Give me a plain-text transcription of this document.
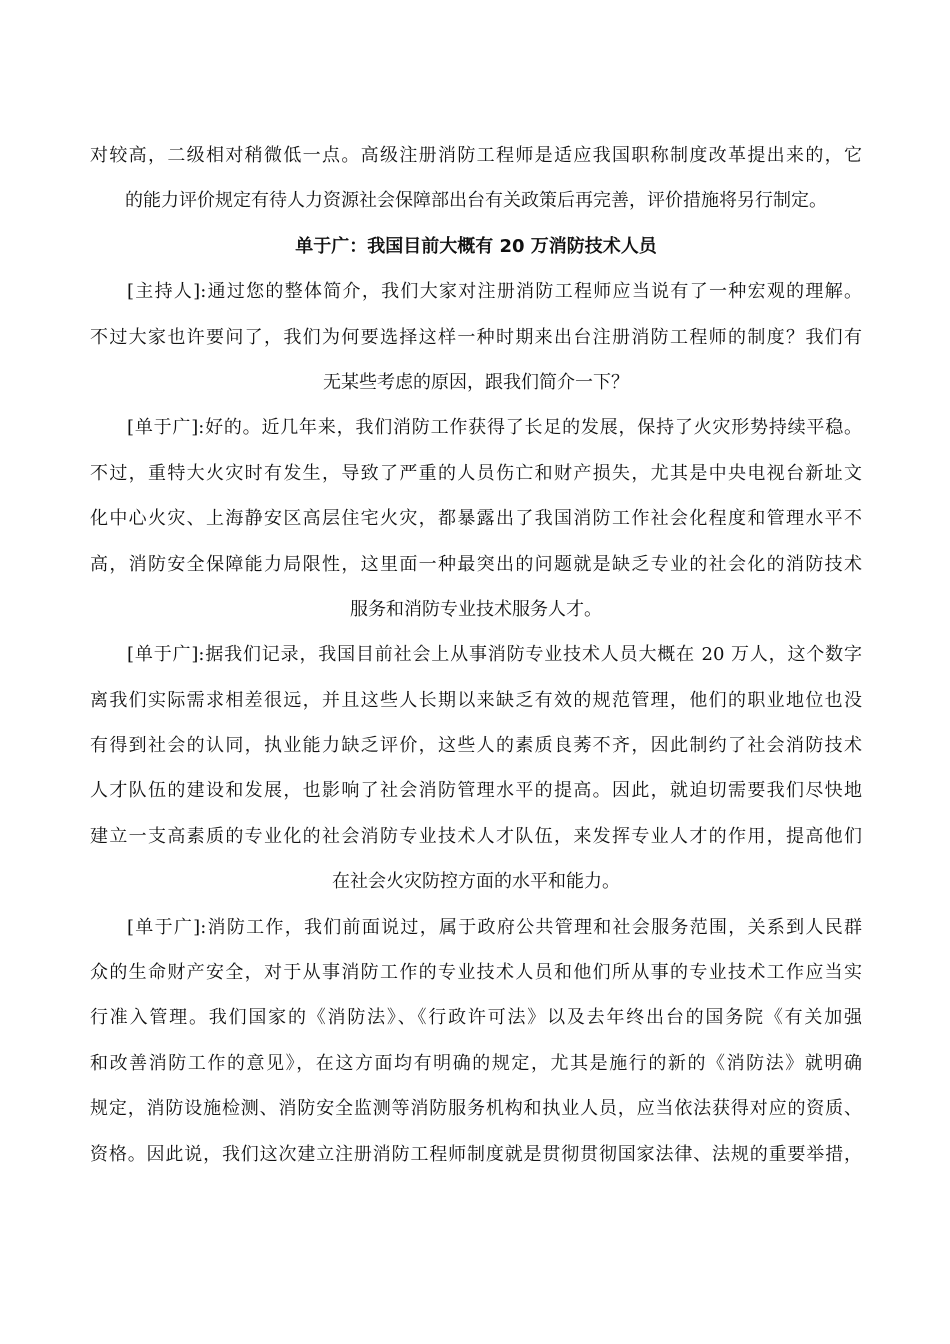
对较高，二级相对稍微低一点。高级注册消防工程师是适应我国职称制度改革提出来的，它
的能力评价规定有待人力资源社会保障部出台有关政策后再完善，评价措施将另行制定。
单于广：我国目前大概有 20 万消防技术人员
[主持人]:通过您的整体简介，我们大家对注册消防工程师应当说有了一种宏观的理解。
不过大家也许要问了，我们为何要选择这样一种时期来出台注册消防工程师的制度？我们有
无某些考虑的原因，跟我们简介一下？
[单于广]:好的。近几年来，我们消防工作获得了长足的发展，保持了火灾形势持续平稳。
不过，重特大火灾时有发生，导致了严重的人员伤亡和财产损失，尤其是中央电视台新址文
化中心火灾、上海静安区高层住宅火灾，都暴露出了我国消防工作社会化程度和管理水平不
高，消防安全保障能力局限性，这里面一种最突出的问题就是缺乏专业的社会化的消防技术
服务和消防专业技术服务人才。
[单于广]:据我们记录，我国目前社会上从事消防专业技术人员大概在 20 万人，这个数字
离我们实际需求相差很远，并且这些人长期以来缺乏有效的规范管理，他们的职业地位也没
有得到社会的认同，执业能力缺乏评价，这些人的素质良莠不齐，因此制约了社会消防技术
人才队伍的建设和发展，也影响了社会消防管理水平的提高。因此，就迫切需要我们尽快地
建立一支高素质的专业化的社会消防专业技术人才队伍，来发挥专业人才的作用，提高他们
在社会火灾防控方面的水平和能力。
[单于广]:消防工作，我们前面说过，属于政府公共管理和社会服务范围，关系到人民群
众的生命财产安全，对于从事消防工作的专业技术人员和他们所从事的专业技术工作应当实
行准入管理。我们国家的《消防法》、《行政许可法》以及去年终出台的国务院《有关加强
和改善消防工作的意见》，在这方面均有明确的规定，尤其是施行的新的《消防法》就明确
规定，消防设施检测、消防安全监测等消防服务机构和执业人员，应当依法获得对应的资质、
资格。因此说，我们这次建立注册消防工程师制度就是贯彻贯彻国家法律、法规的重要举措，
